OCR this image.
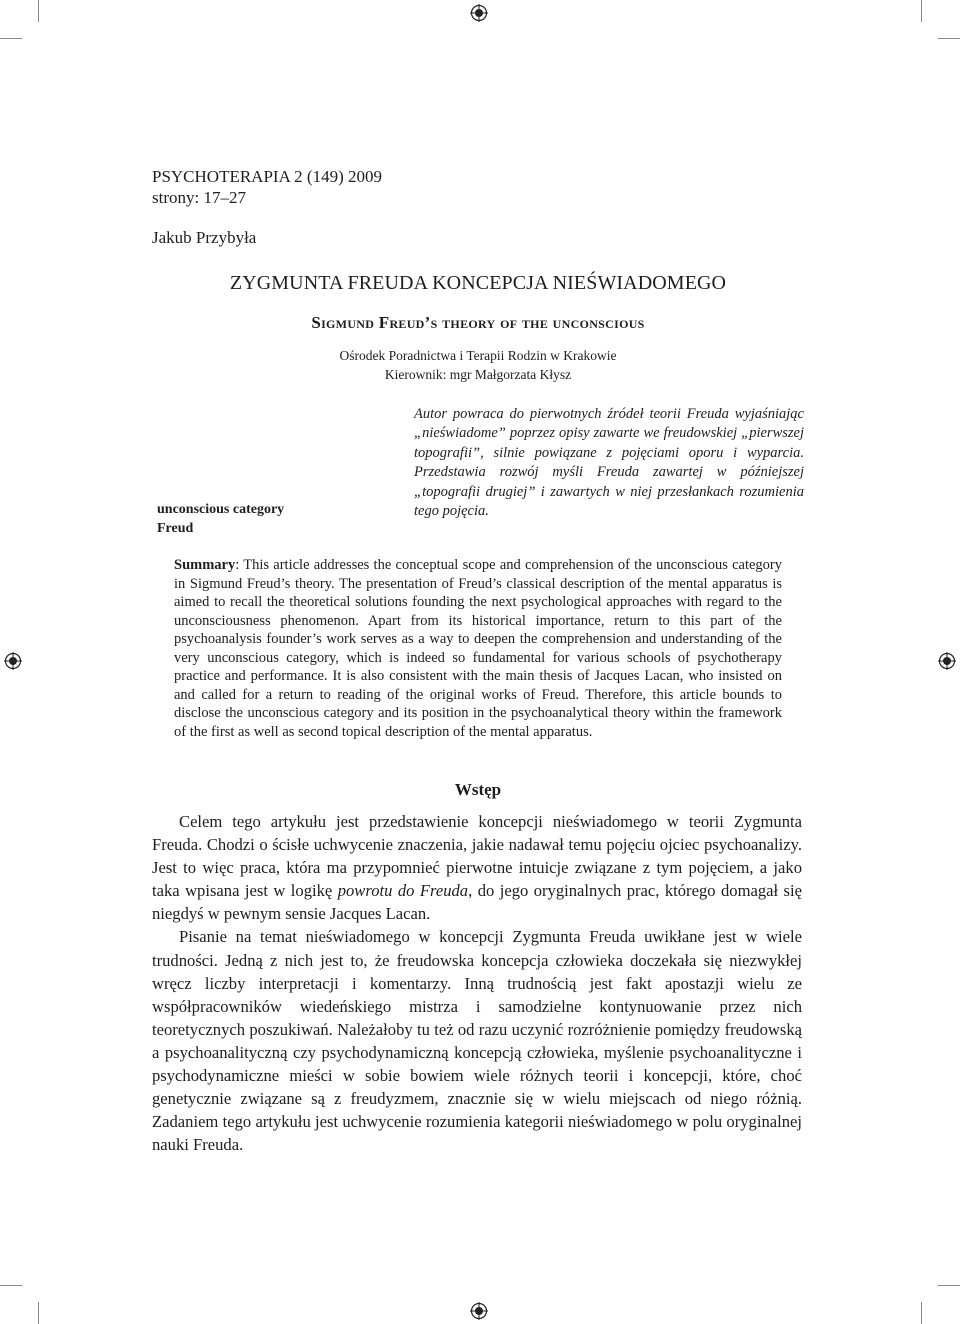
PSYCHOTERAPIA 2 (149) 2009
strony: 17–27
Jakub Przybyła
ZYGMUNTA FREUDA KONCEPCJA NIEŚWIADOMEGO
Sigmund Freud’s theory of the unconscious
Ośrodek Poradnictwa i Terapii Rodzin w Krakowie
Kierownik: mgr Małgorzata Kłysz
Autor powraca do pierwotnych źródeł teorii Freuda wyjaśniając „nieświadome” poprzez opisy zawarte we freudowskiej „pierwszej topografii”, silnie powiązane z pojęciami oporu i wyparcia. Przedstawia rozwój myśli Freuda zawartej w późniejszej „topografii drugiej” i zawartych w niej przesłankach rozumienia tego pojęcia.
unconscious category
Freud
Summary: This article addresses the conceptual scope and comprehension of the unconscious category in Sigmund Freud’s theory. The presentation of Freud’s classical description of the mental apparatus is aimed to recall the theoretical solutions founding the next psychological approaches with regard to the unconsciousness phenomenon. Apart from its historical importance, return to this part of the psychoanalysis founder’s work serves as a way to deepen the comprehension and understanding of the very unconscious category, which is indeed so fundamental for various schools of psychotherapy practice and performance. It is also consistent with the main thesis of Jacques Lacan, who insisted on and called for a return to reading of the original works of Freud. Therefore, this article bounds to disclose the unconscious category and its position in the psychoanalytical theory within the framework of the first as well as second topical description of the mental apparatus.
Wstęp

Celem tego artykułu jest przedstawienie koncepcji nieświadomego w teorii Zygmunta Freuda. Chodzi o ścisłe uchwycenie znaczenia, jakie nadawał temu pojęciu ojciec psychoanalizy. Jest to więc praca, która ma przypomnieć pierwotne intuicje związane z tym pojęciem, a jako taka wpisana jest w logikę powrotu do Freuda, do jego oryginalnych prac, którego domagał się niegdyś w pewnym sensie Jacques Lacan.

Pisanie na temat nieświadomego w koncepcji Zygmunta Freuda uwikłane jest w wiele trudności. Jedną z nich jest to, że freudowska koncepcja człowieka doczekała się niezwykłej wręcz liczby interpretacji i komentarzy. Inną trudnością jest fakt apostazji wielu ze współpracowników wiedeńskiego mistrza i samodzielne kontynuowanie przez nich teoretycznych poszukiwań. Należałoby tu też od razu uczynić rozróżnienie pomiędzy freudowską a psychoanalityczną czy psychodynamiczną koncepcją człowieka, myślenie psychoanalityczne i psychodynamiczne mieści w sobie bowiem wiele różnych teorii i koncepcji, które, choć genetycznie związane są z freudyzmem, znacznie się w wielu miejscach od niego różnią. Zadaniem tego artykułu jest uchwycenie rozumienia kategorii nieświadomego w polu oryginalnej nauki Freuda.
